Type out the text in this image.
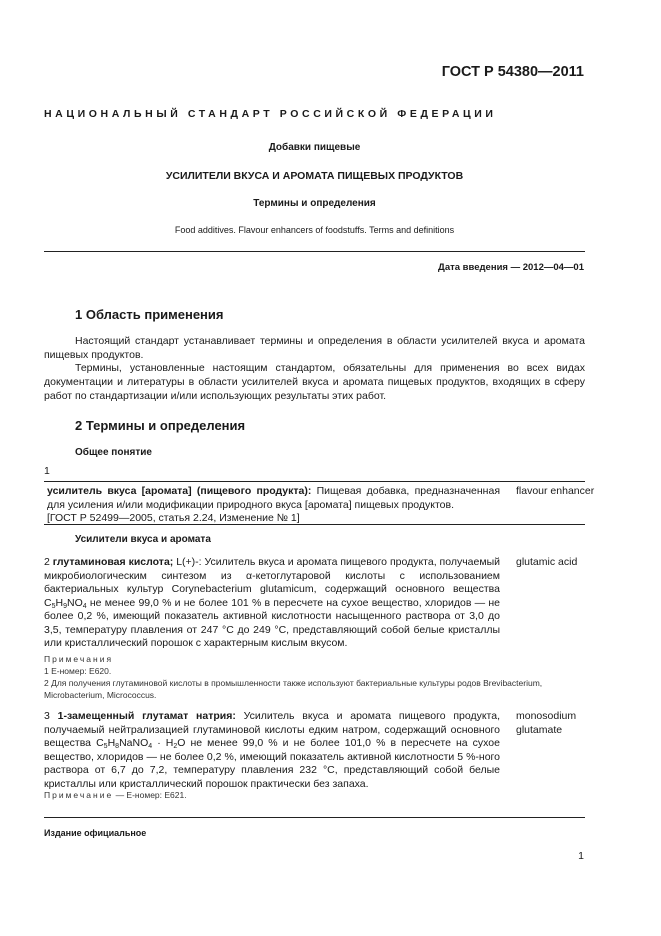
ГОСТ Р 54380—2011
НАЦИОНАЛЬНЫЙ СТАНДАРТ РОССИЙСКОЙ ФЕДЕРАЦИИ
Добавки пищевые
УСИЛИТЕЛИ ВКУСА И АРОМАТА ПИЩЕВЫХ ПРОДУКТОВ
Термины и определения
Food additives. Flavour enhancers of foodstuffs. Terms and definitions
Дата введения — 2012—04—01
1 Область применения
Настоящий стандарт устанавливает термины и определения в области усилителей вкуса и аромата пищевых продуктов.
Термины, установленные настоящим стандартом, обязательны для применения во всех видах документации и литературы в области усилителей вкуса и аромата пищевых продуктов, входящих в сферу работ по стандартизации и/или использующих результаты этих работ.
2 Термины и определения
Общее понятие
1
усилитель вкуса [аромата] (пищевого продукта): Пищевая добавка, предназначенная для усиления и/или модификации природного вкуса [аромата] пищевых продуктов.
[ГОСТ Р 52499—2005, статья 2.24, Изменение № 1]
flavour enhancer
Усилители вкуса и аромата
2 глутаминовая кислота; L(+)-: Усилитель вкуса и аромата пищевого продукта, получаемый микробиологическим синтезом из α-кетоглутаровой кислоты с использованием бактериальных культур Corynebacterium glutamicum, содержащий основного вещества $C_5H_9NO_4$ не менее 99,0 % и не более 101 % в пересчете на сухое вещество, хлоридов — не более 0,2 %, имеющий показатель активной кислотности насыщенного раствора от 3,0 до 3,5, температуру плавления от 247 °С до 249 °С, представляющий собой белые кристаллы или кристаллический порошок с характерным кислым вкусом.
glutamic acid
Примечания
1 Е-номер: Е620.
2 Для получения глутаминовой кислоты в промышленности также используют бактериальные культуры родов Brevibacterium, Microbacterium, Micrococcus.
3 1-замещенный глутамат натрия: Усилитель вкуса и аромата пищевого продукта, получаемый нейтрализацией глутаминовой кислоты едким натром, содержащий основного вещества $C_5H_8NaNO_4 \cdot H_2O$ не менее 99,0 % и не более 101,0 % в пересчете на сухое вещество, хлоридов — не более 0,2 %, имеющий показатель активной кислотности 5 %-ного раствора от 6,7 до 7,2, температуру плавления 232 °С, представляющий собой белые кристаллы или кристаллический порошок практически без запаха.
monosodium glutamate
Примечание — Е-номер: Е621.
Издание официальное
1
